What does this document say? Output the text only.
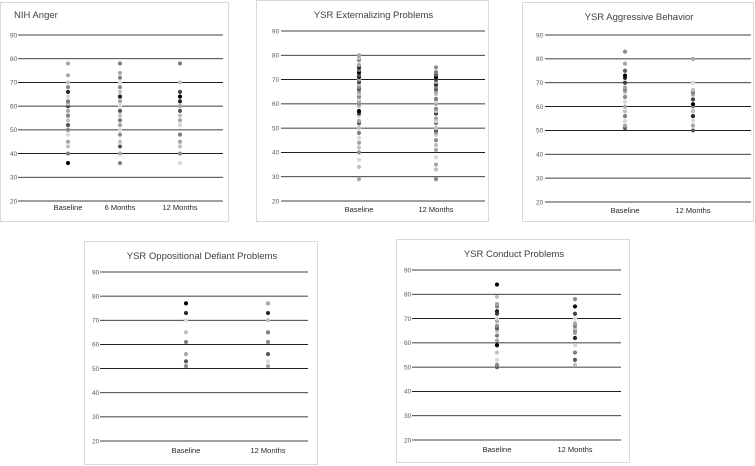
NIH Anger
20
30
40
50
60
70
80
90
Baseline	6 Months	12 Months
YSR Externalizing Problems
20
30
40
50
60
70
80
90
Baseline	12 Months
YSR Aggressive Behavior
20
30
40
50
60
70
80
90
Baseline	12 Months
YSR Oppositional Defiant Problems
20
30
40
50
60
70
80
90
Baseline	12 Months
YSR Conduct Problems
20
30
40
50
60
70
80
90
Baseline	12 Months
